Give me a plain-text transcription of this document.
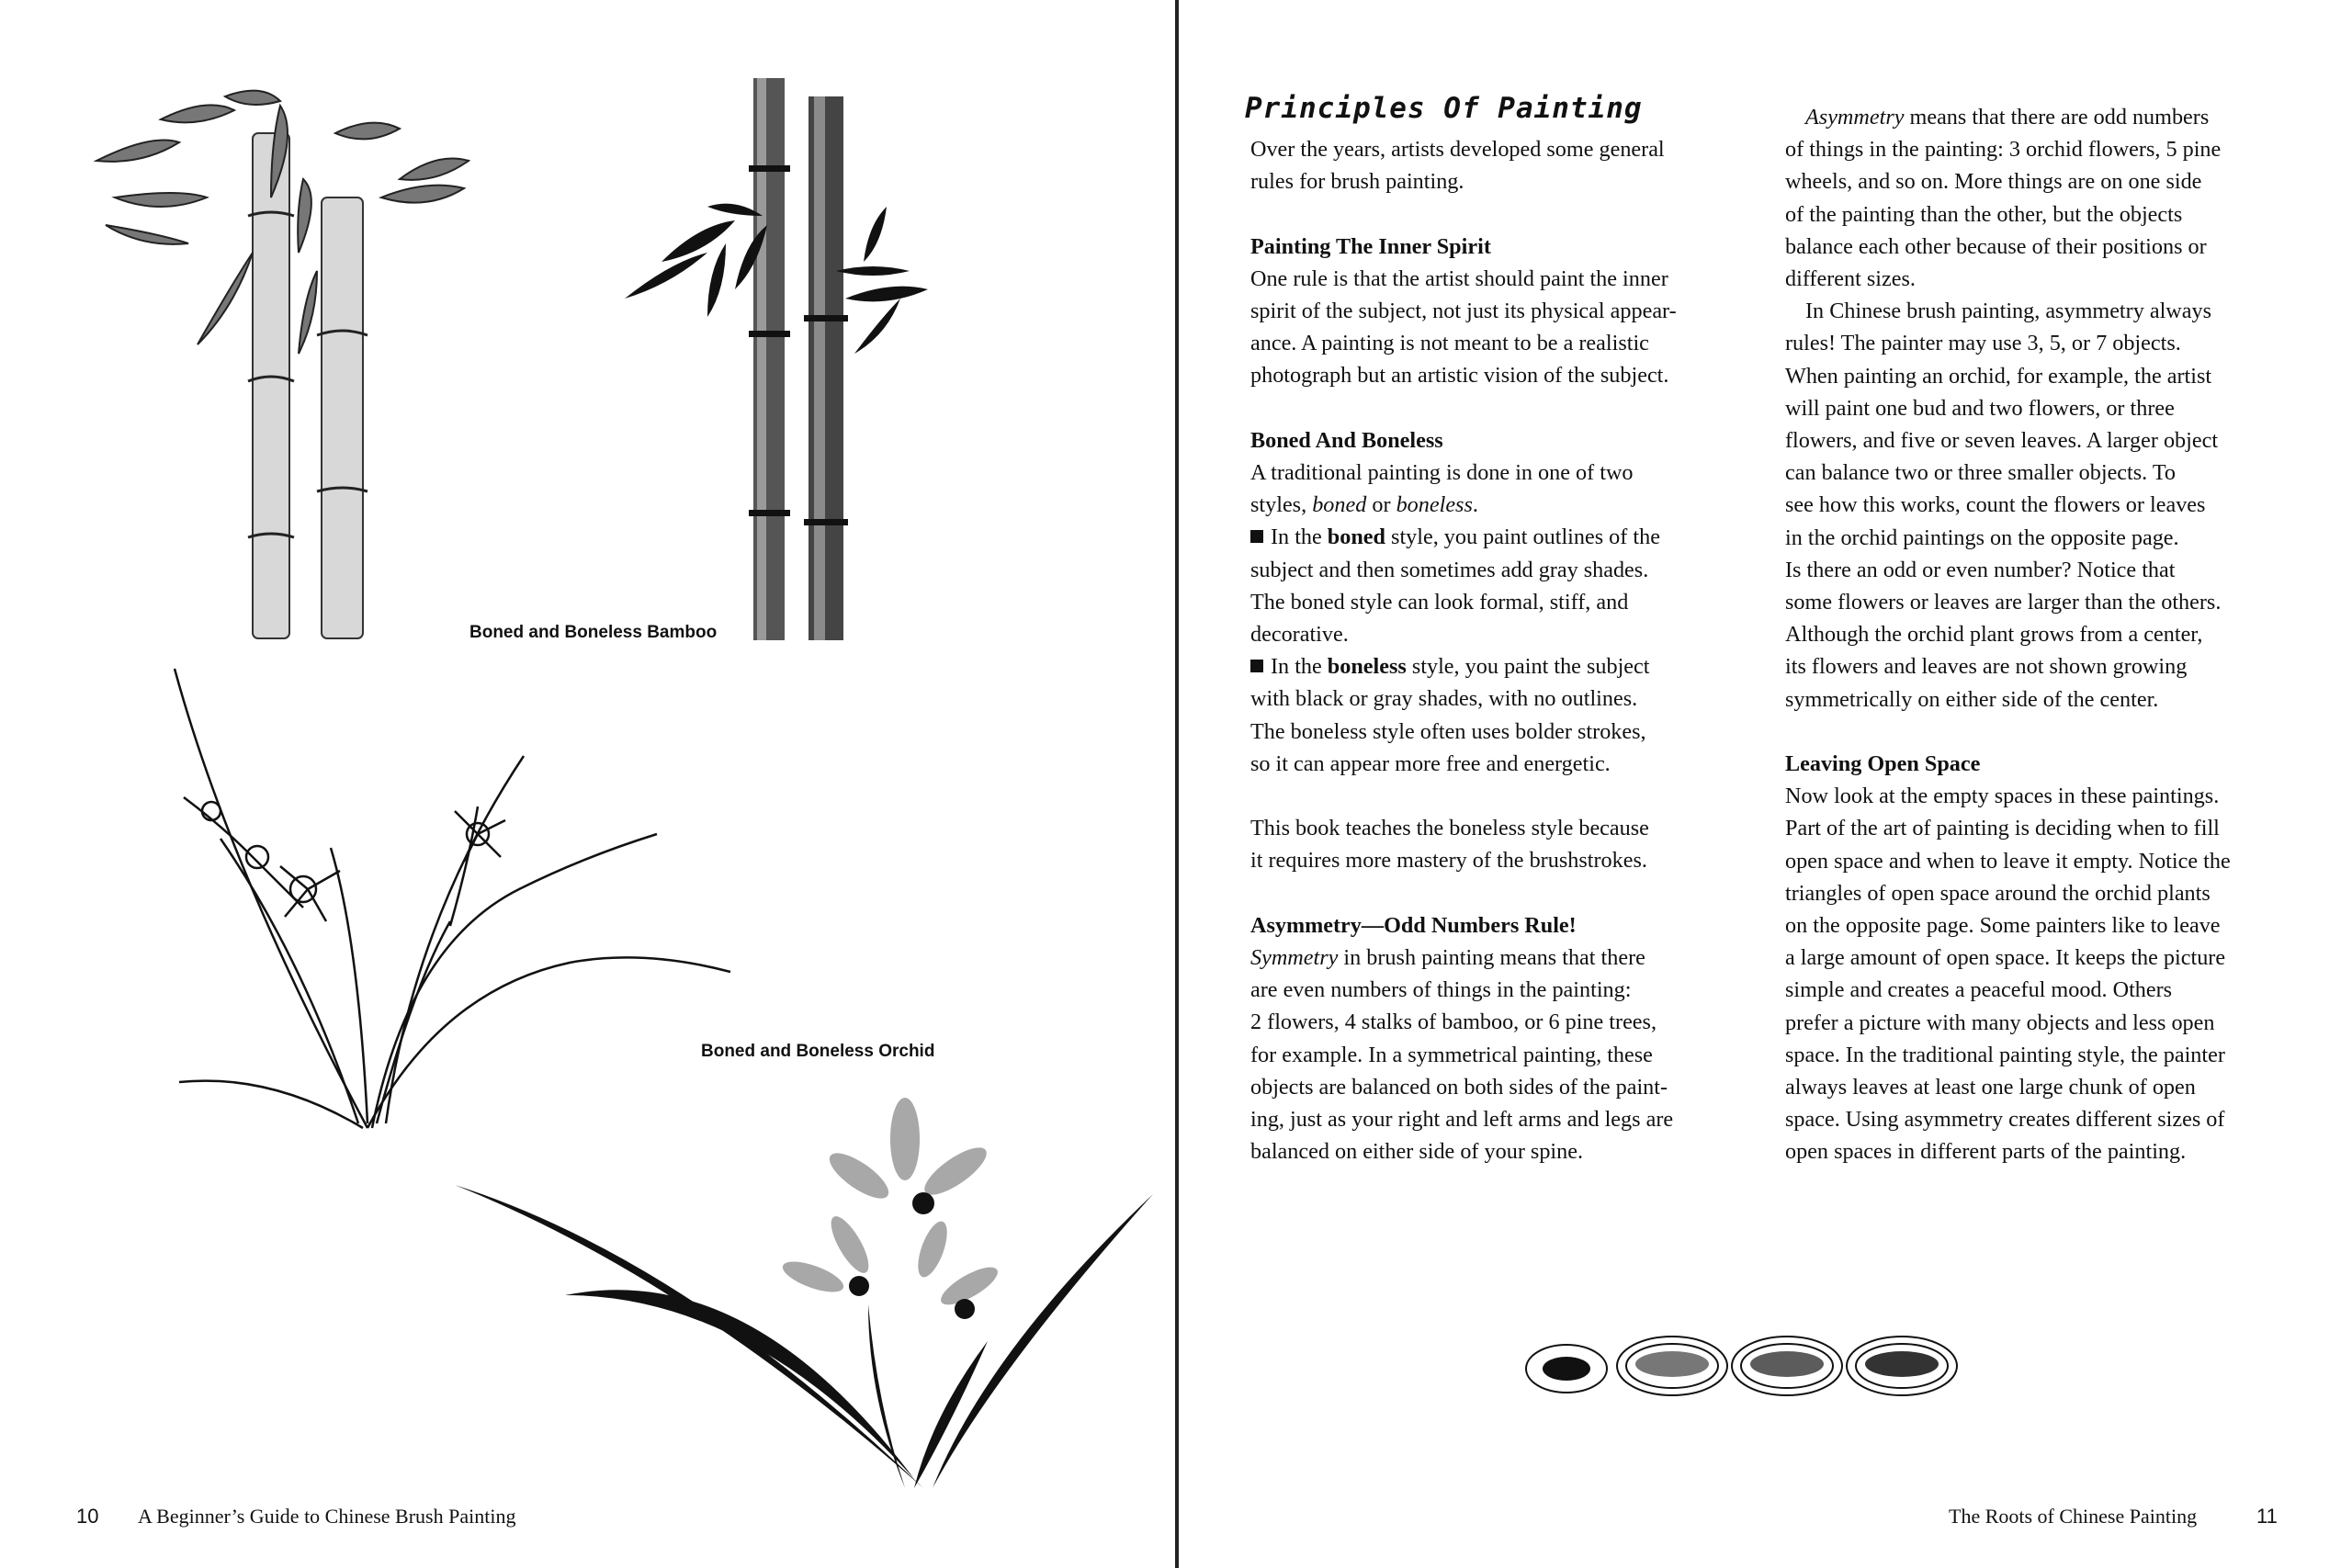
Boned and Boneless Bamboo
Boned and Boneless Orchid
10 A Beginner’s Guide to Chinese Brush Painting
Principles Of Painting

Over the years, artists developed some general

rules for brush painting.

Painting The Inner Spirit

One rule is that the artist should paint the inner

spirit of the subject, not just its physical appear-

ance. A painting is not meant to be a realistic

photograph but an artistic vision of the subject.

Boned And Boneless

A traditional painting is done in one of two

styles, boned or boneless.

In the boned style, you paint outlines of the

subject and then sometimes add gray shades.

The boned style can look formal, stiff, and

decorative.

In the boneless style, you paint the subject

with black or gray shades, with no outlines.

The boneless style often uses bolder strokes,

so it can appear more free and energetic.

This book teaches the boneless style because

it requires more mastery of the brushstrokes.

Asymmetry—Odd Numbers Rule!

Symmetry in brush painting means that there

are even numbers of things in the painting:

2 flowers, 4 stalks of bamboo, or 6 pine trees,

for example. In a symmetrical painting, these

objects are balanced on both sides of the paint-

ing, just as your right and left arms and legs are

balanced on either side of your spine.

Asymmetry means that there are odd numbers

of things in the painting: 3 orchid flowers, 5 pine

wheels, and so on. More things are on one side

of the painting than the other, but the objects

balance each other because of their positions or

different sizes.

In Chinese brush painting, asymmetry always

rules! The painter may use 3, 5, or 7 objects.

When painting an orchid, for example, the artist

will paint one bud and two flowers, or three

flowers, and five or seven leaves. A larger object

can balance two or three smaller objects. To

see how this works, count the flowers or leaves

in the orchid paintings on the opposite page.

Is there an odd or even number? Notice that

some flowers or leaves are larger than the others.

Although the orchid plant grows from a center,

its flowers and leaves are not shown growing

symmetrically on either side of the center.

Leaving Open Space

Now look at the empty spaces in these paintings.

Part of the art of painting is deciding when to fill

open space and when to leave it empty. Notice the

triangles of open space around the orchid plants

on the opposite page. Some painters like to leave

a large amount of open space. It keeps the picture

simple and creates a peaceful mood. Others

prefer a picture with many objects and less open

space. In the traditional painting style, the painter

always leaves at least one large chunk of open

space. Using asymmetry creates different sizes of

open spaces in different parts of the painting.

The Roots of Chinese Painting	11
